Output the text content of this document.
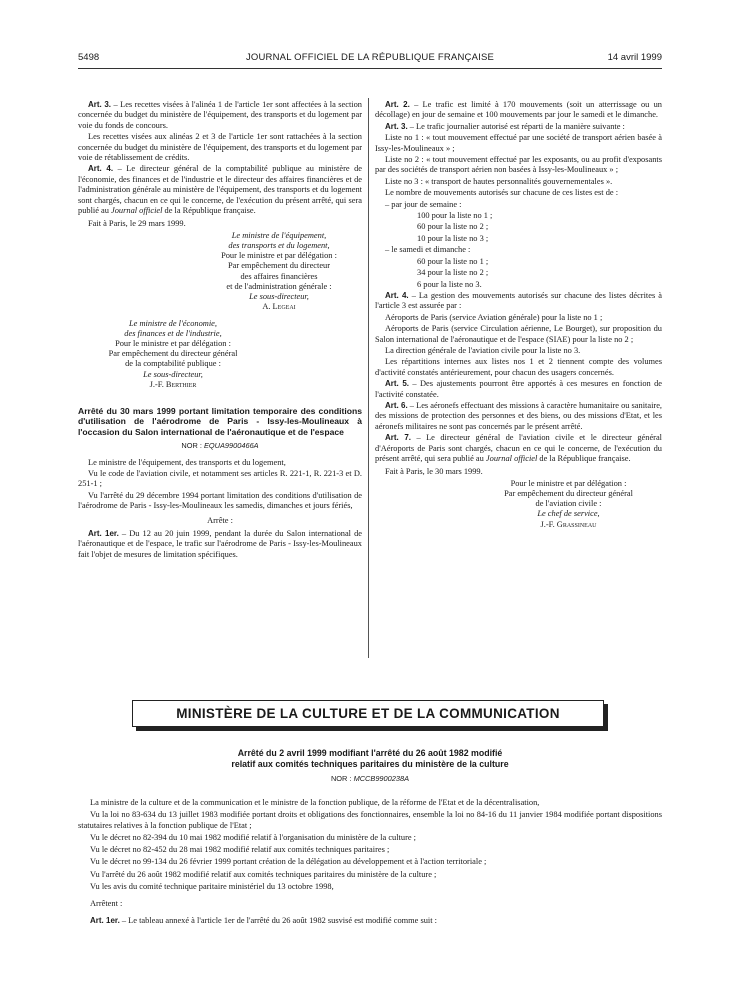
5498	JOURNAL OFFICIEL DE LA RÉPUBLIQUE FRANÇAISE	14 avril 1999

Art. 3. – Les recettes visées à l'alinéa 1 de l'article 1er sont affectées à la section concernée du budget du ministère de l'équipement, des transports et du logement par voie du fonds de concours.

Les recettes visées aux alinéas 2 et 3 de l'article 1er sont rattachées à la section concernée du budget du ministère de l'équipement, des transports et du logement par voie de rétablissement de crédits.

Art. 4. – Le directeur général de la comptabilité publique au ministère de l'économie, des finances et de l'industrie et le directeur des affaires financières et de l'administration générale au ministère de l'équipement, des transports et du logement sont chargés, chacun en ce qui le concerne, de l'exécution du présent arrêté, qui sera publié au Journal officiel de la République française.

Fait à Paris, le 29 mars 1999.

Le ministre de l'équipement,
des transports et du logement,
Pour le ministre et par délégation :
Par empêchement du directeur
des affaires financières
et de l'administration générale :
Le sous-directeur,
A. Legeai
Le ministre de l'économie,
des finances et de l'industrie,
Pour le ministre et par délégation :
Par empêchement du directeur général
de la comptabilité publique :
Le sous-directeur,
J.-F. Berthier
Arrêté du 30 mars 1999 portant limitation temporaire des conditions d'utilisation de l'aérodrome de Paris - Issy-les-Moulineaux à l'occasion du Salon international de l'aéronautique et de l'espace
NOR : EQUA9900466A

Le ministre de l'équipement, des transports et du logement,

Vu le code de l'aviation civile, et notamment ses articles R. 221-1, R. 221-3 et D. 251-1 ;

Vu l'arrêté du 29 décembre 1994 portant limitation des conditions d'utilisation de l'aérodrome de Paris - Issy-les-Moulineaux les samedis, dimanches et jours fériés,

Arrête :

Art. 1er. – Du 12 au 20 juin 1999, pendant la durée du Salon international de l'aéronautique et de l'espace, le trafic sur l'aérodrome de Paris - Issy-les-Moulineaux fait l'objet de mesures de limitation spécifiques.

Art. 2. – Le trafic est limité à 170 mouvements (soit un atterrissage ou un décollage) en jour de semaine et 100 mouvements par jour le samedi et le dimanche.

Art. 3. – Le trafic journalier autorisé est réparti de la manière suivante :

Liste no 1 : « tout mouvement effectué par une société de transport aérien basée à Issy-les-Moulineaux » ;

Liste no 2 : « tout mouvement effectué par les exposants, ou au profit d'exposants par des sociétés de transport aérien non basées à Issy-les-Moulineaux » ;

Liste no 3 : « transport de hautes personnalités gouvernementales ».

Le nombre de mouvements autorisés sur chacune de ces listes est de :

– par jour de semaine :

100 pour la liste no 1 ;

60 pour la liste no 2 ;

10 pour la liste no 3 ;

– le samedi et dimanche :

60 pour la liste no 1 ;

34 pour la liste no 2 ;

6 pour la liste no 3.

Art. 4. – La gestion des mouvements autorisés sur chacune des listes décrites à l'article 3 est assurée par :

Aéroports de Paris (service Aviation générale) pour la liste no 1 ;

Aéroports de Paris (service Circulation aérienne, Le Bourget), sur proposition du Salon international de l'aéronautique et de l'espace (SIAE) pour la liste no 2 ;

La direction générale de l'aviation civile pour la liste no 3.

Les répartitions internes aux listes nos 1 et 2 tiennent compte des volumes d'activité constatés antérieurement, pour chacun des usagers concernés.

Art. 5. – Des ajustements pourront être apportés à ces mesures en fonction de l'activité constatée.

Art. 6. – Les aéronefs effectuant des missions à caractère humanitaire ou sanitaire, des missions de protection des personnes et des biens, ou des missions d'Etat, et les aéronefs militaires ne sont pas concernés par le présent arrêté.

Art. 7. – Le directeur général de l'aviation civile et le directeur général d'Aéroports de Paris sont chargés, chacun en ce qui le concerne, de l'exécution du présent arrêté, qui sera publié au Journal officiel de la République française.

Fait à Paris, le 30 mars 1999.

Pour le ministre et par délégation :
Par empêchement du directeur général
de l'aviation civile :
Le chef de service,
J.-F. Grassineau
MINISTÈRE DE LA CULTURE ET DE LA COMMUNICATION
Arrêté du 2 avril 1999 modifiant l'arrêté du 26 août 1982 modifié
relatif aux comités techniques paritaires du ministère de la culture
NOR : MCCB9900238A

La ministre de la culture et de la communication et le ministre de la fonction publique, de la réforme de l'Etat et de la décentralisation,

Vu la loi no 83-634 du 13 juillet 1983 modifiée portant droits et obligations des fonctionnaires, ensemble la loi no 84-16 du 11 janvier 1984 modifiée portant dispositions statutaires relatives à la fonction publique de l'Etat ;

Vu le décret no 82-394 du 10 mai 1982 modifié relatif à l'organisation du ministère de la culture ;

Vu le décret no 82-452 du 28 mai 1982 modifié relatif aux comités techniques paritaires ;

Vu le décret no 99-134 du 26 février 1999 portant création de la délégation au développement et à l'action territoriale ;

Vu l'arrêté du 26 août 1982 modifié relatif aux comités techniques paritaires du ministère de la culture ;

Vu les avis du comité technique paritaire ministériel du 13 octobre 1998,

Arrêtent :

Art. 1er. – Le tableau annexé à l'article 1er de l'arrêté du 26 août 1982 susvisé est modifié comme suit :
